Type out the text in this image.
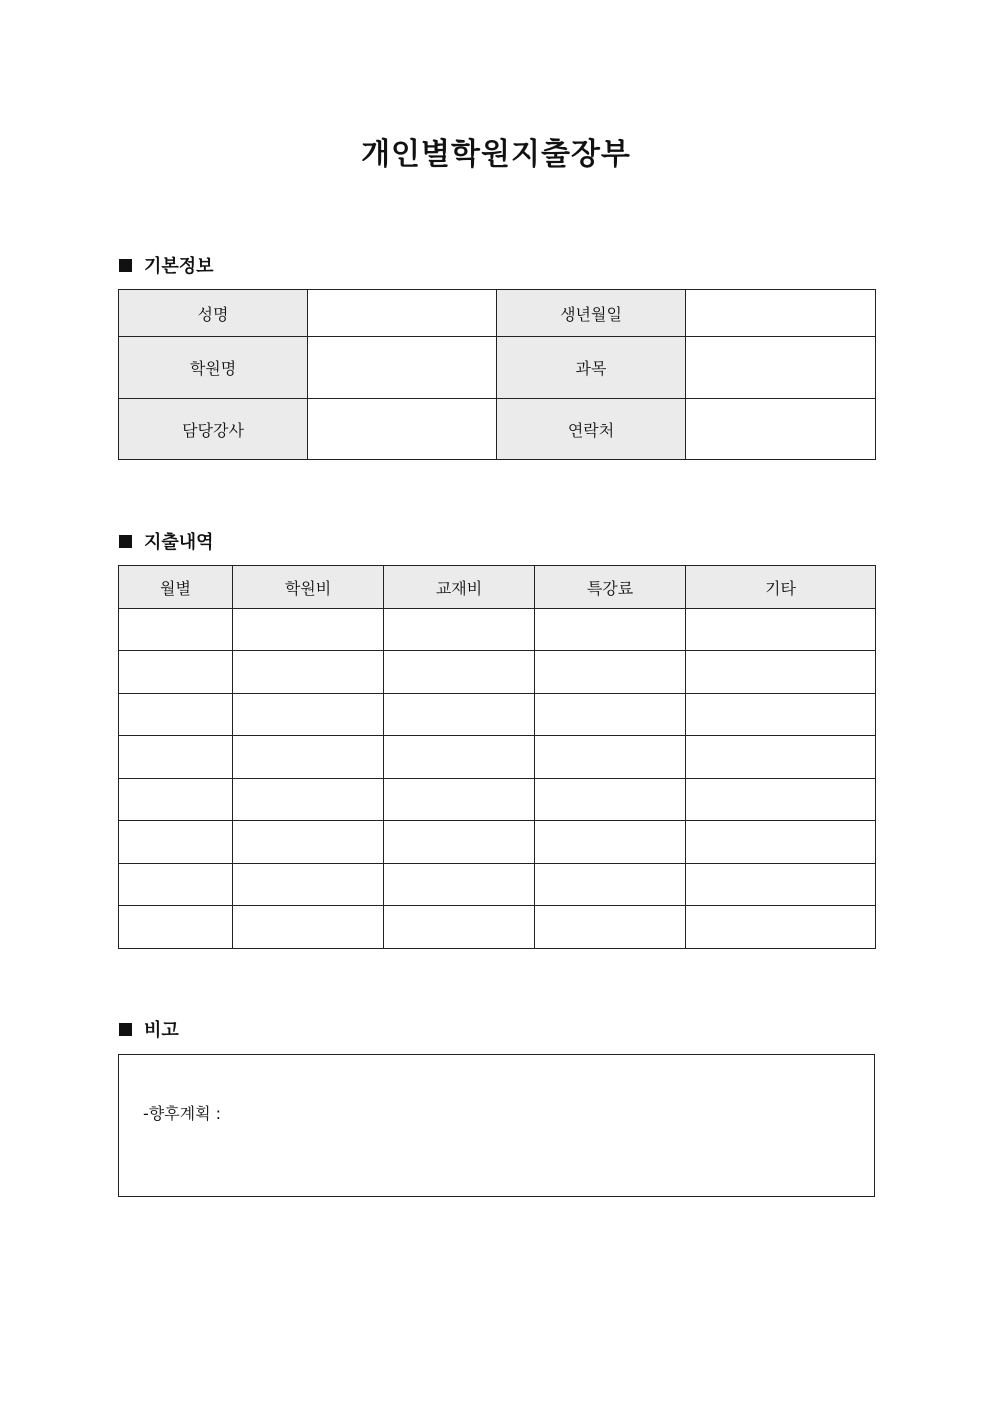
개인별학원지출장부
기본정보
성명		생년월일	
학원명		과목	
담당강사		연락처	
지출내역
월별	학원비	교재비	특강료	기타

비고
-향후계획 :
